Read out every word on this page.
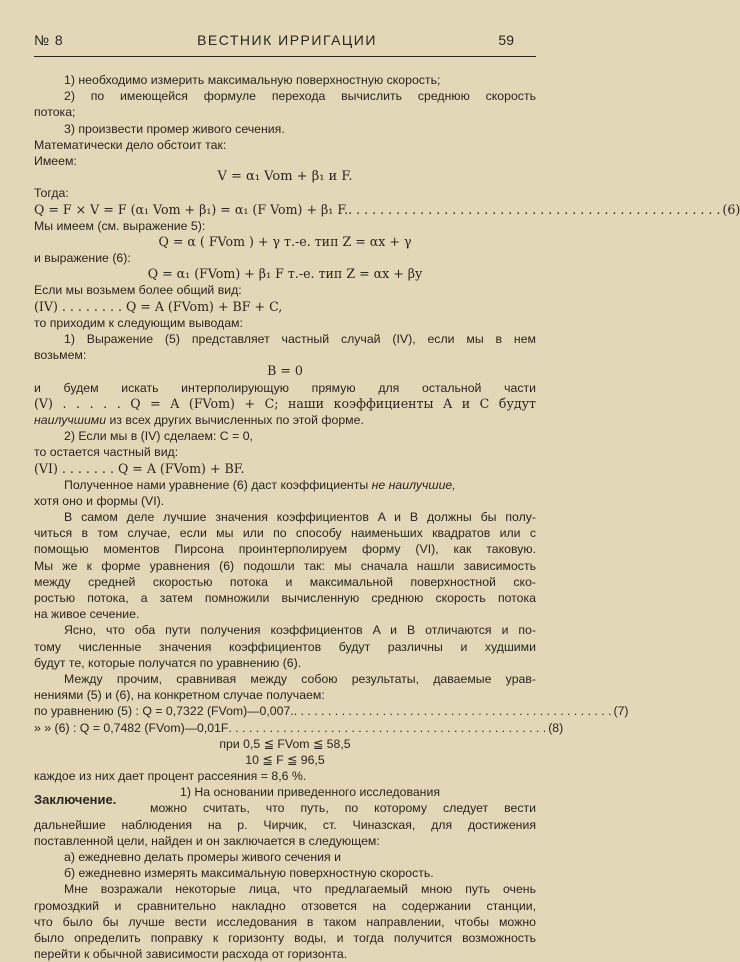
№ 8	ВЕСТНИК ИРРИГАЦИИ	59
1) необходимо измерить максимальную поверхностную скорость;
2) по имеющейся формуле перехода вычислить среднюю скорость
потока;
3) произвести промер живого сечения.
Математически дело обстоит так:
Имеем:
V = α₁ Vom + β₁ и F.
Тогда:
Q = F × V = F (α₁ Vom + β₁) = α₁ (F Vom) + β₁ F. . . . . . . . . . . . . . . . . . . . . . . . . . . . . . . . . . . . . . . . . . . . . . . . (6)
Мы имеем (см. выражение 5):
Q = α ( FVom ) + γ т.-е. тип Z = αx + γ
и выражение (6):
Q = α₁ (FVom) + β₁ F т.-е. тип Z = αx + βy
Если мы возьмем более общий вид:
(IV) . . . . . . . . Q = A (FVom) + BF + C,
то приходим к следующим выводам:
1) Выражение (5) представляет частный случай (IV), если мы в нем
возьмем:
B = 0
и будем искать интерполирующую прямую для остальной части
(V) . . . . . Q = A (FVom) + C; наши коэффициенты A и C будут
наилучшими из всех других вычисленных по этой форме.
2) Если мы в (IV) сделаем: C = 0,
то остается частный вид:
(VI) . . . . . . . Q = A (FVom) + BF.
Полученное нами уравнение (6) даст коэффициенты не наилучшие,
хотя оно и формы (VI).
В самом деле лучшие значения коэффициентов A и B должны бы полу-
читься в том случае, если мы или по способу наименьших квадратов или с
помощью моментов Пирсона проинтерполируем форму (VI), как таковую.
Мы же к форме уравнения (6) подошли так: мы сначала нашли зависимость
между средней скоростью потока и максимальной поверхностной ско-
ростью потока, а затем помножили вычисленную среднюю скорость потока
на живое сечение.
Ясно, что оба пути получения коэффициентов A и B отличаются и по-
тому численные значения коэффициентов будут различны и худшими
будут те, которые получатся по уравнению (6).
Между прочим, сравнивая между собою результаты, даваемые урав-
нениями (5) и (6), на конкретном случае получаем:
по уравнению (5) : Q = 0,7322 (FVom)—0,007. . . . . . . . . . . . . . . . . . . . . . . . . . . . . . . . . . . . . . . . . . . . . . . . (7)
» » (6) : Q = 0,7482 (FVom)—0,01F . . . . . . . . . . . . . . . . . . . . . . . . . . . . . . . . . . . . . . . . . . . . . . . (8)
при 0,5 ≦ FVom ≦ 58,5
10 ≦ F ≦ 96,5
каждое из них дает процент рассеяния = 8,6 %.
Заключение.	1) На основании приведенного исследования
можно считать, что путь, по которому следует вести
дальнейшие наблюдения на р. Чирчик, ст. Чиназская, для достижения
поставленной цели, найден и он заключается в следующем:
а) ежедневно делать промеры живого сечения и
б) ежедневно измерять максимальную поверхностную скорость.
Мне возражали некоторые лица, что предлагаемый мною путь очень
громоздкий и сравнительно накладно отзовется на содержании станции,
что было бы лучше вести исследования в таком направлении, чтобы можно
было определить поправку к горизонту воды, и тогда получится возможность
перейти к обычной зависимости расхода от горизонта.
